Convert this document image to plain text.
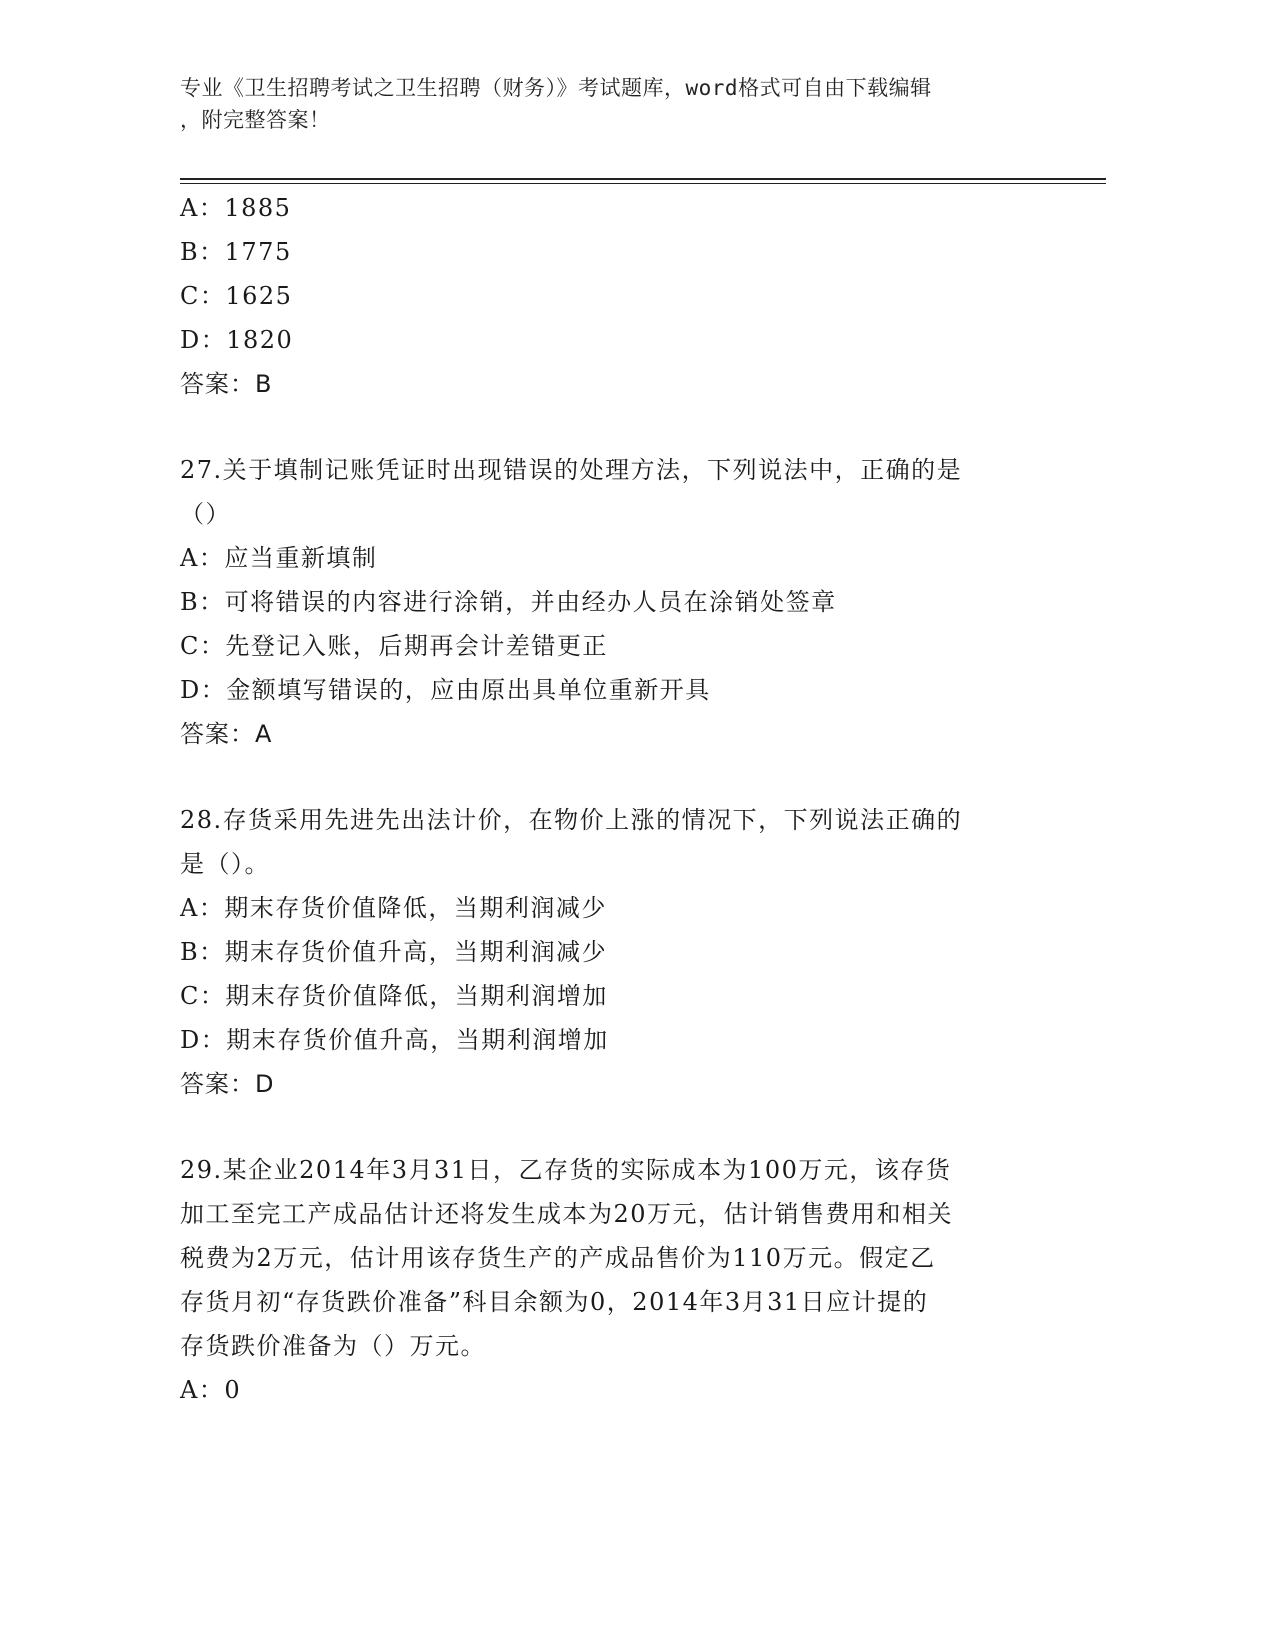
专业《卫生招聘考试之卫生招聘（财务）》考试题库，word格式可自由下载编辑
，附完整答案！
A：1885
B：1775
C：1625
D：1820
答案：B
27.关于填制记账凭证时出现错误的处理方法，下列说法中，正确的是
（）
A：应当重新填制
B：可将错误的内容进行涂销，并由经办人员在涂销处签章
C：先登记入账，后期再会计差错更正
D：金额填写错误的，应由原出具单位重新开具
答案：A
28.存货采用先进先出法计价，在物价上涨的情况下，下列说法正确的
是（）。
A：期末存货价值降低，当期利润减少
B：期末存货价值升高，当期利润减少
C：期末存货价值降低，当期利润增加
D：期末存货价值升高，当期利润增加
答案：D
29.某企业2014年3月31日，乙存货的实际成本为100万元，该存货
加工至完工产成品估计还将发生成本为20万元，估计销售费用和相关
税费为2万元，估计用该存货生产的产成品售价为110万元。假定乙
存货月初“存货跌价准备”科目余额为0，2014年3月31日应计提的
存货跌价准备为（）万元。
A：0
